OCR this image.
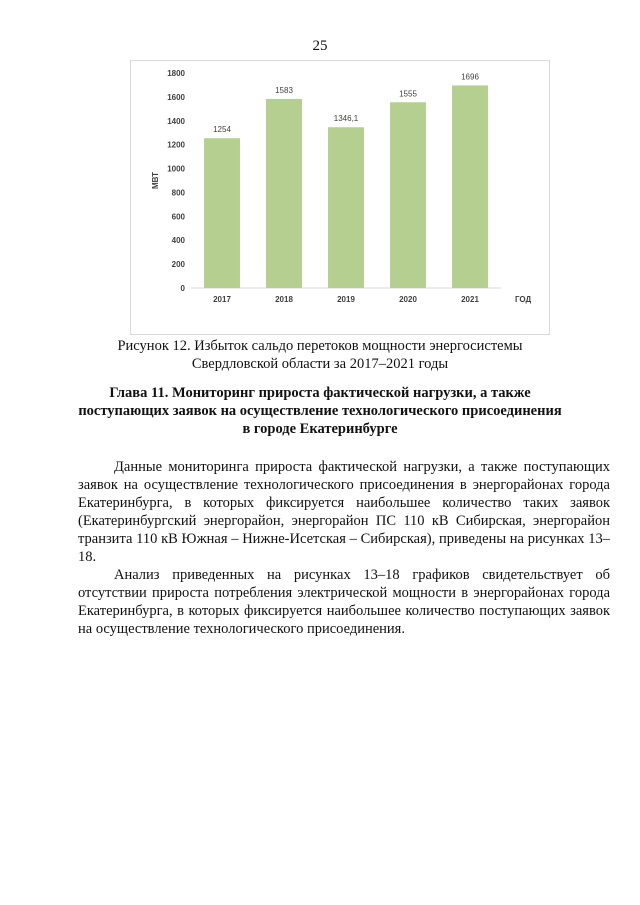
25
0
200
400
600
800
1000
1200
1400
1600
1800
МВТ
1254
2017
1583
2018
1346,1
2019
1555
2020
1696
2021	ГОД
Рисунок 12. Избыток сальдо перетоков мощности энергосистемы
Свердловской области за 2017–2021 годы
Глава 11. Мониторинг прироста фактической нагрузки, а также
поступающих заявок на осуществление технологического присоединения
в городе Екатеринбурге

Данные мониторинга прироста фактической нагрузки, а также поступающих заявок на осуществление технологического присоединения в энергорайонах города Екатеринбурга, в которых фиксируется наибольшее количество таких заявок (Екатеринбургский энергорайон, энергорайон ПС 110 кВ Сибирская, энергорайон транзита 110 кВ Южная – Нижне-Исетская – Сибирская), приведены на рисунках 13–18.

Анализ приведенных на рисунках 13–18 графиков свидетельствует об отсутствии прироста потребления электрической мощности в энергорайонах города Екатеринбурга, в которых фиксируется наибольшее количество поступающих заявок на осуществление технологического присоединения.
